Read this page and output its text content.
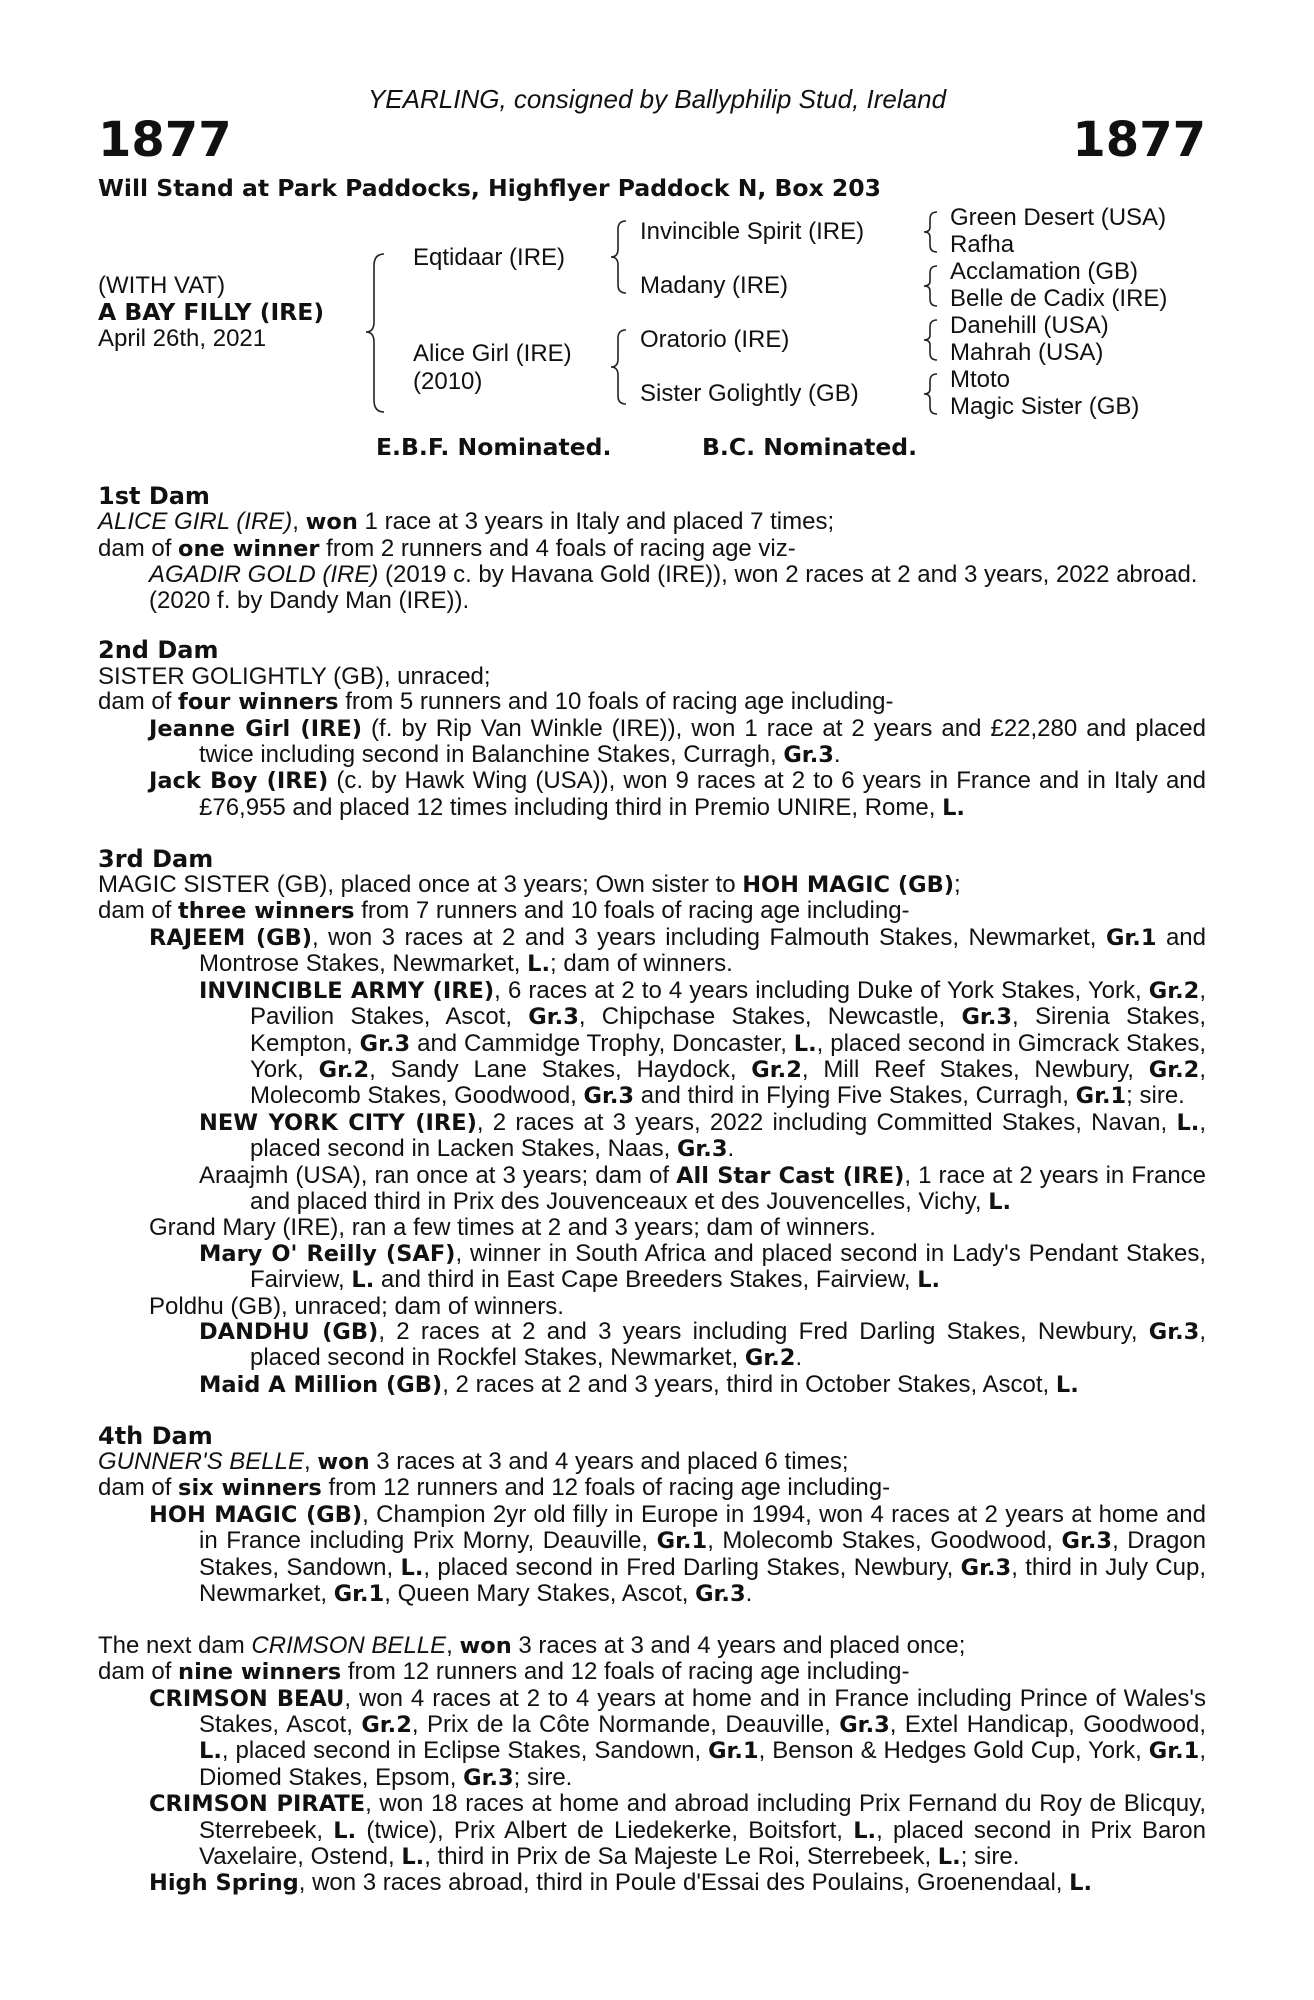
YEARLING, consigned by Ballyphilip Stud, Ireland
1877	1877
Will Stand at Park Paddocks, Highflyer Paddock N, Box 203
(WITH VAT)
A BAY FILLY (IRE)
April 26th, 2021
Eqtidaar (IRE)
Alice Girl (IRE)
(2010)
Invincible Spirit (IRE)
Madany (IRE)
Oratorio (IRE)
Sister Golightly (GB)
Green Desert (USA)
Rafha
Acclamation (GB)
Belle de Cadix (IRE)
Danehill (USA)
Mahrah (USA)
Mtoto
Magic Sister (GB)
E.B.F. Nominated.	B.C. Nominated.
1st Dam
ALICE GIRL (IRE), won 1 race at 3 years in Italy and placed 7 times;
dam of one winner from 2 runners and 4 foals of racing age viz-
AGADIR GOLD (IRE) (2019 c. by Havana Gold (IRE)), won 2 races at 2 and 3 years, 2022 abroad.
(2020 f. by Dandy Man (IRE)).
2nd Dam
SISTER GOLIGHTLY (GB), unraced;
dam of four winners from 5 runners and 10 foals of racing age including-
Jeanne Girl (IRE) (f. by Rip Van Winkle (IRE)), won 1 race at 2 years and £22,280 and placed twice including second in Balanchine Stakes, Curragh, Gr.3.
Jack Boy (IRE) (c. by Hawk Wing (USA)), won 9 races at 2 to 6 years in France and in Italy and £76,955 and placed 12 times including third in Premio UNIRE, Rome, L.
3rd Dam
MAGIC SISTER (GB), placed once at 3 years; Own sister to HOH MAGIC (GB);
dam of three winners from 7 runners and 10 foals of racing age including-
RAJEEM (GB), won 3 races at 2 and 3 years including Falmouth Stakes, Newmarket, Gr.1 and Montrose Stakes, Newmarket, L.; dam of winners.
INVINCIBLE ARMY (IRE), 6 races at 2 to 4 years including Duke of York Stakes, York, Gr.2, Pavilion Stakes, Ascot, Gr.3, Chipchase Stakes, Newcastle, Gr.3, Sirenia Stakes, Kempton, Gr.3 and Cammidge Trophy, Doncaster, L., placed second in Gimcrack Stakes, York, Gr.2, Sandy Lane Stakes, Haydock, Gr.2, Mill Reef Stakes, Newbury, Gr.2, Molecomb Stakes, Goodwood, Gr.3 and third in Flying Five Stakes, Curragh, Gr.1; sire.
NEW YORK CITY (IRE), 2 races at 3 years, 2022 including Committed Stakes, Navan, L., placed second in Lacken Stakes, Naas, Gr.3.
Araajmh (USA), ran once at 3 years; dam of All Star Cast (IRE), 1 race at 2 years in France and placed third in Prix des Jouvenceaux et des Jouvencelles, Vichy, L.
Grand Mary (IRE), ran a few times at 2 and 3 years; dam of winners.
Mary O' Reilly (SAF), winner in South Africa and placed second in Lady's Pendant Stakes, Fairview, L. and third in East Cape Breeders Stakes, Fairview, L.
Poldhu (GB), unraced; dam of winners.
DANDHU (GB), 2 races at 2 and 3 years including Fred Darling Stakes, Newbury, Gr.3, placed second in Rockfel Stakes, Newmarket, Gr.2.
Maid A Million (GB), 2 races at 2 and 3 years, third in October Stakes, Ascot, L.
4th Dam
GUNNER'S BELLE, won 3 races at 3 and 4 years and placed 6 times;
dam of six winners from 12 runners and 12 foals of racing age including-
HOH MAGIC (GB), Champion 2yr old filly in Europe in 1994, won 4 races at 2 years at home and in France including Prix Morny, Deauville, Gr.1, Molecomb Stakes, Goodwood, Gr.3, Dragon Stakes, Sandown, L., placed second in Fred Darling Stakes, Newbury, Gr.3, third in July Cup, Newmarket, Gr.1, Queen Mary Stakes, Ascot, Gr.3.
The next dam CRIMSON BELLE, won 3 races at 3 and 4 years and placed once;
dam of nine winners from 12 runners and 12 foals of racing age including-
CRIMSON BEAU, won 4 races at 2 to 4 years at home and in France including Prince of Wales's Stakes, Ascot, Gr.2, Prix de la Côte Normande, Deauville, Gr.3, Extel Handicap, Goodwood, L., placed second in Eclipse Stakes, Sandown, Gr.1, Benson & Hedges Gold Cup, York, Gr.1, Diomed Stakes, Epsom, Gr.3; sire.
CRIMSON PIRATE, won 18 races at home and abroad including Prix Fernand du Roy de Blicquy, Sterrebeek, L. (twice), Prix Albert de Liedekerke, Boitsfort, L., placed second in Prix Baron Vaxelaire, Ostend, L., third in Prix de Sa Majeste Le Roi, Sterrebeek, L.; sire.
High Spring, won 3 races abroad, third in Poule d'Essai des Poulains, Groenendaal, L.
